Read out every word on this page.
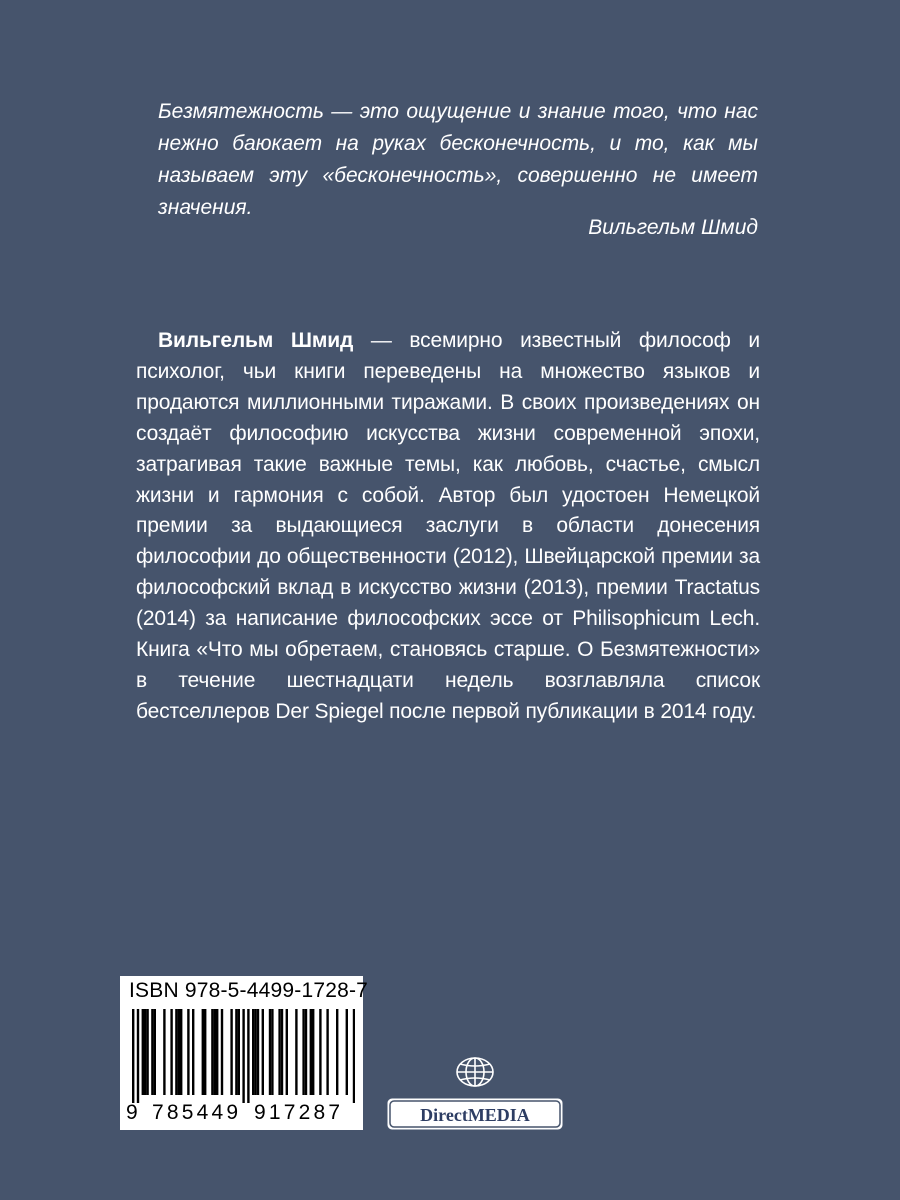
Безмятежность — это ощущение и знание того, что нас нежно баюкает на руках бесконечность, и то, как мы называем эту «бесконечность», совершенно не имеет значения.
Вильгельм Шмид
Вильгельм Шмид — всемирно известный философ и психолог, чьи книги переведены на множество языков и продаются миллионными тиражами. В своих произведениях он создаёт философию искусства жизни современной эпохи, затрагивая такие важные темы, как любовь, счастье, смысл жизни и гармония с собой. Автор был удостоен Немецкой премии за выдающиеся заслуги в области донесения философии до общественности (2012), Швейцарской премии за философский вклад в искусство жизни (2013), премии Tractatus (2014) за написание философских эссе от Philisophicum Lech. Книга «Что мы обретаем, становясь старше. О Безмятежности» в течение шестнадцати недель возглавляла список бестселлеров Der Spiegel после первой публикации в 2014 году.
ISBN 978-5-4499-1728-7
9 785449 917287	DirectMEDIA
